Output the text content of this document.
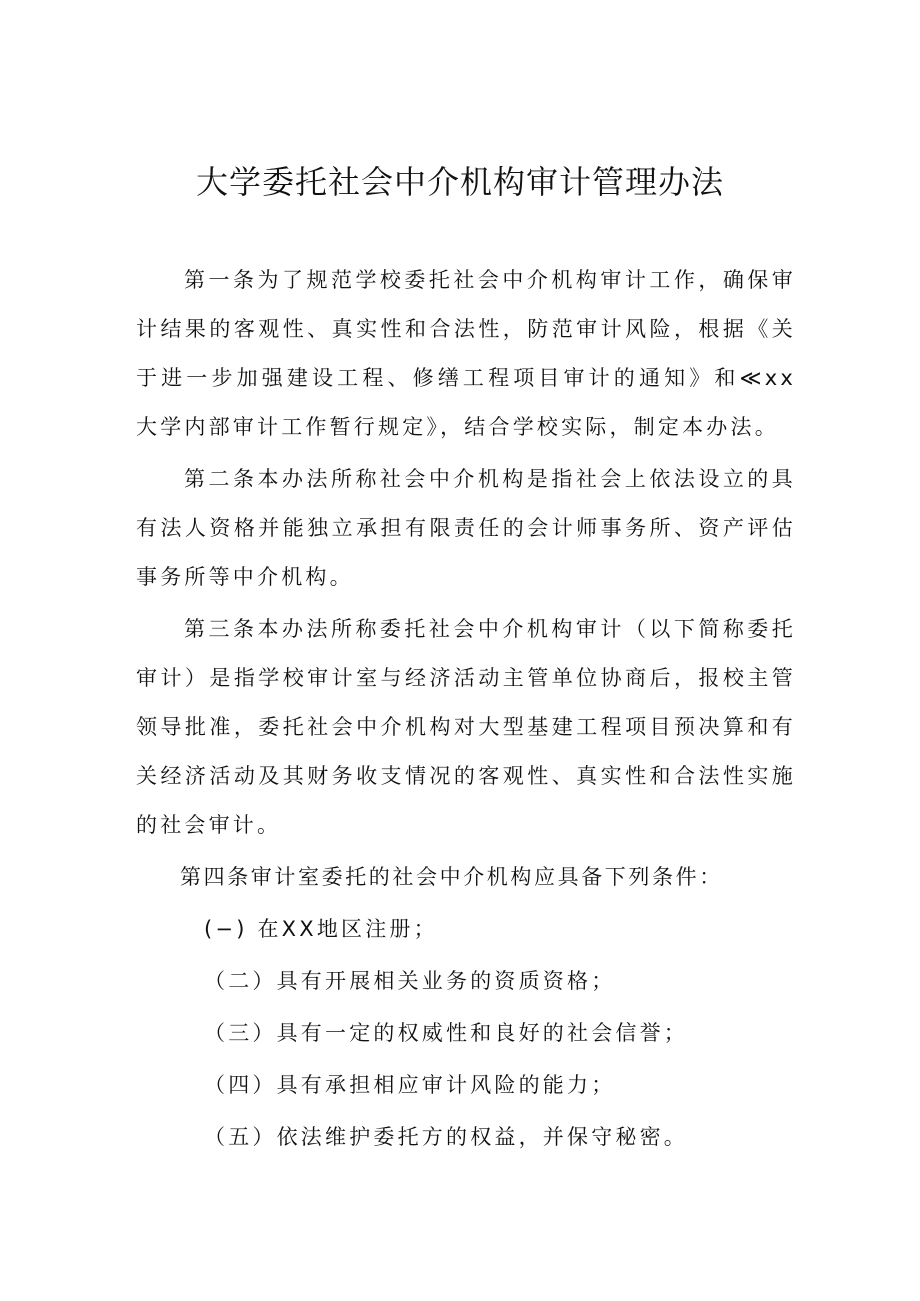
大学委托社会中介机构审计管理办法

第一条为了规范学校委托社会中介机构审计工作，确保审计结果的客观性、真实性和合法性，防范审计风险，根据《关于进一步加强建设工程、修缮工程项目审计的通知》和≪xx大学内部审计工作暂行规定》，结合学校实际，制定本办法。

第二条本办法所称社会中介机构是指社会上依法设立的具有法人资格并能独立承担有限责任的会计师事务所、资产评估事务所等中介机构。

第三条本办法所称委托社会中介机构审计（以下简称委托审计）是指学校审计室与经济活动主管单位协商后，报校主管领导批准，委托社会中介机构对大型基建工程项目预决算和有关经济活动及其财务收支情况的客观性、真实性和合法性实施的社会审计。

第四条审计室委托的社会中介机构应具备下列条件：

(−) 在XX地区注册；

（二）具有开展相关业务的资质资格；

（三）具有一定的权威性和良好的社会信誉；

（四）具有承担相应审计风险的能力；

（五）依法维护委托方的权益，并保守秘密。
